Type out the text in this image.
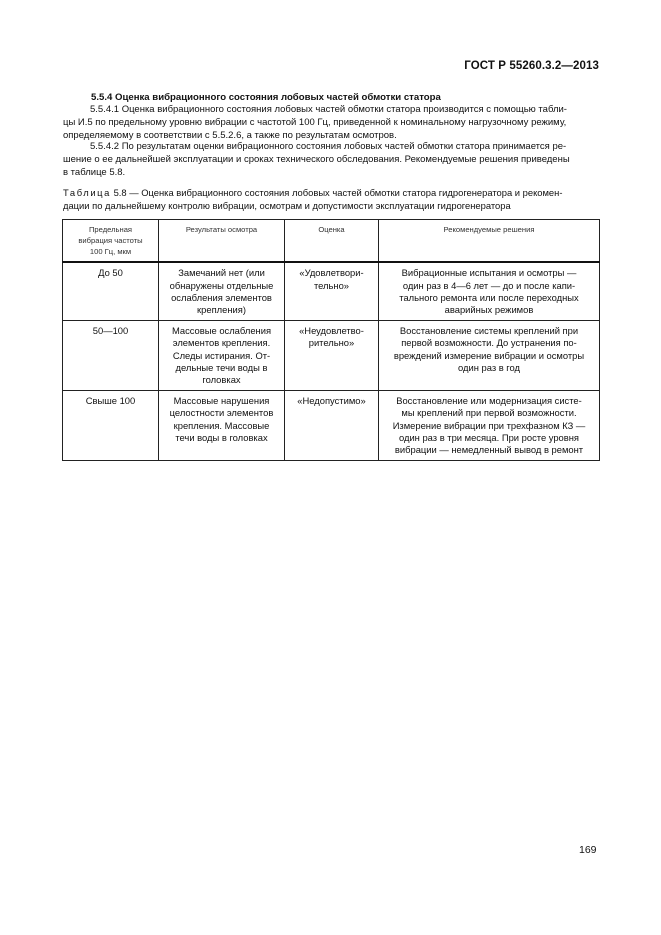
ГОСТ Р 55260.3.2—2013
5.5.4 Оценка вибрационного состояния лобовых частей обмотки статора
5.5.4.1 Оценка вибрационного состояния лобовых частей обмотки статора производится с помощью табли-
цы И.5 по предельному уровню вибрации с частотой 100 Гц, приведенной к номинальному нагрузочному режиму,
определяемому в соответствии с 5.5.2.6, а также по результатам осмотров.
5.5.4.2 По результатам оценки вибрационного состояния лобовых частей обмотки статора принимается ре-
шение о ее дальнейшей эксплуатации и сроках технического обследования. Рекомендуемые решения приведены
в таблице 5.8.
Таблица 5.8 — Оценка вибрационного состояния лобовых частей обмотки статора гидрогенератора и рекомен-
дации по дальнейшему контролю вибрации, осмотрам и допустимости эксплуатации гидрогенератора
Предельная
вибрация частоты
100 Гц, мкм	Результаты осмотра	Оценка	Рекомендуемые решения

До 50	Замечаний нет (или
обнаружены отдельные
ослабления элементов
крепления)	«Удовлетвори-
тельно»	Вибрационные испытания и осмотры —
один раз в 4—6 лет — до и после капи-
тального ремонта или после переходных
аварийных режимов

50—100	Массовые ослабления
элементов крепления.
Следы истирания. От-
дельные течи воды в
головках	«Неудовлетво-
рительно»	Восстановление системы креплений при
первой возможности. До устранения по-
вреждений измерение вибрации и осмотры
один раз в год

Свыше 100	Массовые нарушения
целостности элементов
крепления. Массовые
течи воды в головках	«Недопустимо»	Восстановление или модернизация систе-
мы креплений при первой возможности.
Измерение вибрации при трехфазном КЗ —
один раз в три месяца. При росте уровня
вибрации — немедленный вывод в ремонт
169
